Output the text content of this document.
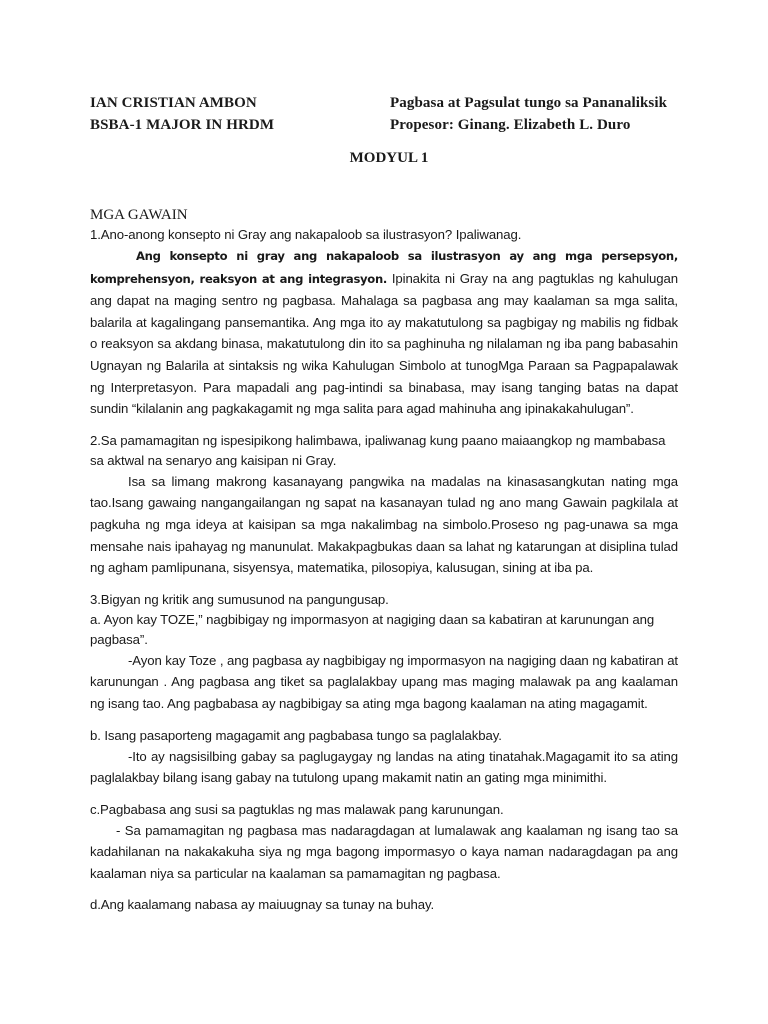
IAN CRISTIAN AMBON
BSBA-1 MAJOR IN HRDM
Pagbasa at Pagsulat tungo sa Pananaliksik
Propesor: Ginang. Elizabeth L. Duro
MODYUL 1
MGA GAWAIN
1.Ano-anong konsepto ni Gray ang nakapaloob sa ilustrasyon? Ipaliwanag.
Ang konsepto ni gray ang nakapaloob sa ilustrasyon ay ang mga persepsyon, komprehensyon, reaksyon at ang integrasyon. Ipinakita ni Gray na ang pagtuklas ng kahulugan ang dapat na maging sentro ng pagbasa. Mahalaga sa pagbasa ang may kaalaman sa mga salita, balarila at kagalingang pansemantika. Ang mga ito ay makatutulong sa pagbigay ng mabilis ng fidbak o reaksyon sa akdang binasa, makatutulong din ito sa paghinuha ng nilalaman ng iba pang babasahin Ugnayan ng Balarila at sintaksis ng wika Kahulugan Simbolo at tunogMga Paraan sa Pagpapalawak ng Interpretasyon. Para mapadali ang pag-intindi sa binabasa, may isang tanging batas na dapat sundin “kilalanin ang pagkakagamit ng mga salita para agad mahinuha ang ipinakakahulugan”.
2.Sa pamamagitan ng ispesipikong halimbawa, ipaliwanag kung paano maiaangkop ng mambabasa sa aktwal na senaryo ang kaisipan ni Gray.
Isa sa limang makrong kasanayang pangwika na madalas na kinasasangkutan nating mga tao.Isang gawaing nangangailangan ng sapat na kasanayan tulad ng ano mang Gawain pagkilala at pagkuha ng mga ideya at kaisipan sa mga nakalimbag na simbolo.Proseso ng pag-unawa sa mga mensahe nais ipahayag ng manunulat. Makakpagbukas daan sa lahat ng katarungan at disiplina tulad ng agham pamlipunana, sisyensya, matematika, pilosopiya, kalusugan, sining at iba pa.
3.Bigyan ng kritik ang sumusunod na pangungusap.
a. Ayon kay TOZE,” nagbibigay ng impormasyon at nagiging daan sa kabatiran at karunungan ang pagbasa”.
-Ayon kay Toze , ang pagbasa ay nagbibigay ng impormasyon na nagiging daan ng kabatiran at karunungan . Ang pagbasa ang tiket sa paglalakbay upang mas maging malawak pa ang kaalaman ng isang tao. Ang pagbabasa ay nagbibigay sa ating mga bagong kaalaman na ating magagamit.
b. Isang pasaporteng magagamit ang pagbabasa tungo sa paglalakbay.
-Ito ay nagsisilbing gabay sa paglugaygay ng landas na ating tinatahak.Magagamit ito sa ating paglalakbay bilang isang gabay na tutulong upang makamit natin an gating mga minimithi.
c.Pagbabasa ang susi sa pagtuklas ng mas malawak pang karunungan.
- Sa pamamagitan ng pagbasa mas nadaragdagan at lumalawak ang kaalaman ng isang tao sa kadahilanan na nakakakuha siya ng mga bagong impormasyo o kaya naman nadaragdagan pa ang kaalaman niya sa particular na kaalaman sa pamamagitan ng pagbasa.
d.Ang kaalamang nabasa ay maiuugnay sa tunay na buhay.
